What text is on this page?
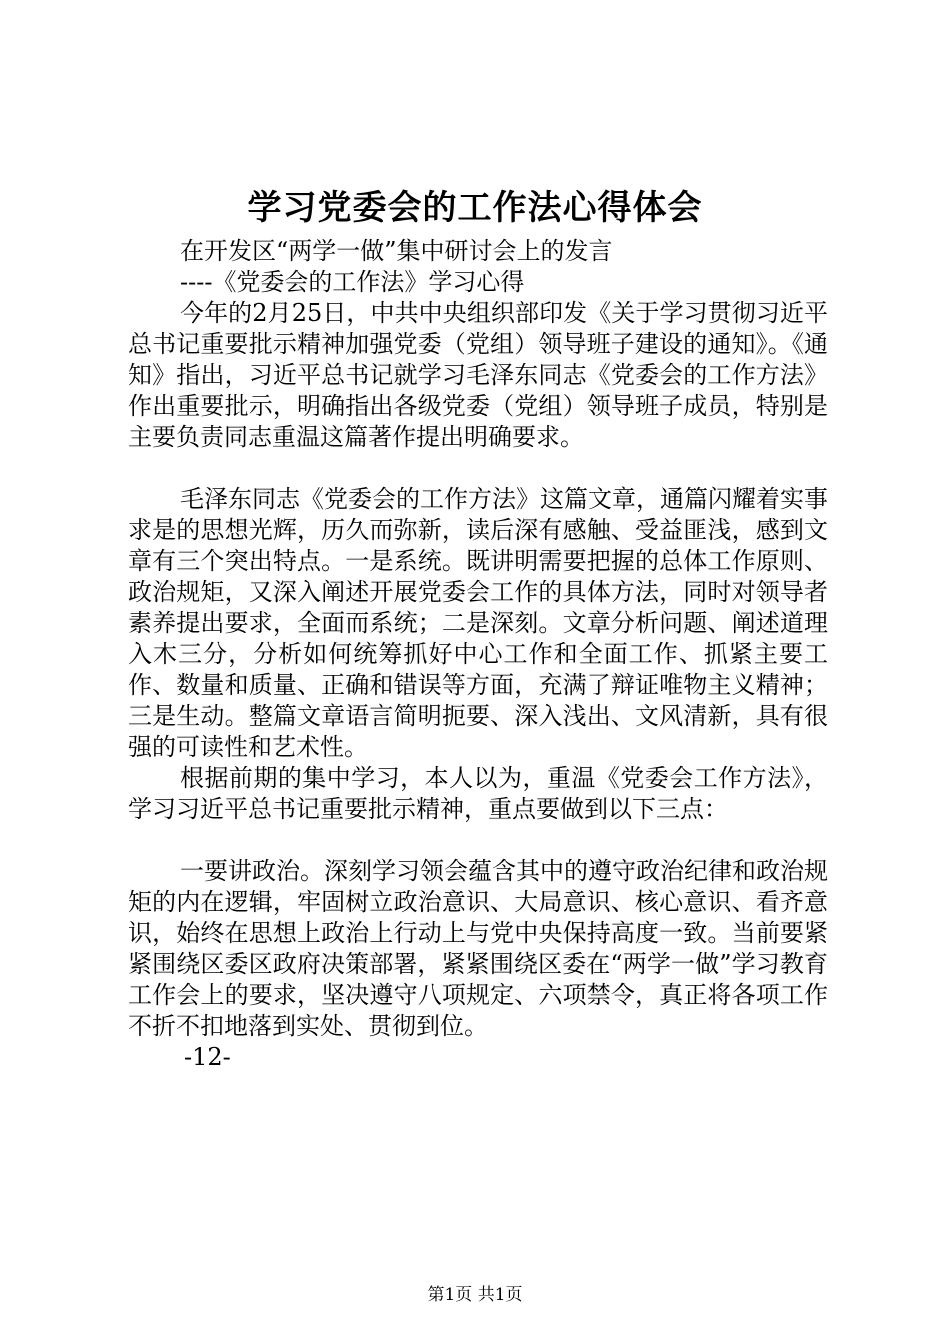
学习党委会的工作法心得体会
在开发区“两学一做”集中研讨会上的发言
----《党委会的工作法》学习心得

今年的2月25日，中共中央组织部印发《关于学习贯彻习近平总书记重要批示精神加强党委（党组）领导班子建设的通知》。《通知》指出，习近平总书记就学习毛泽东同志《党委会的工作方法》作出重要批示，明确指出各级党委（党组）领导班子成员，特别是主要负责同志重温这篇著作提出明确要求。

毛泽东同志《党委会的工作方法》这篇文章，通篇闪耀着实事求是的思想光辉，历久而弥新，读后深有感触、受益匪浅，感到文章有三个突出特点。一是系统。既讲明需要把握的总体工作原则、政治规矩，又深入阐述开展党委会工作的具体方法，同时对领导者素养提出要求，全面而系统；二是深刻。文章分析问题、阐述道理入木三分，分析如何统筹抓好中心工作和全面工作、抓紧主要工作、数量和质量、正确和错误等方面，充满了辩证唯物主义精神；三是生动。整篇文章语言简明扼要、深入浅出、文风清新，具有很强的可读性和艺术性。

根据前期的集中学习，本人以为，重温《党委会工作方法》，学习习近平总书记重要批示精神，重点要做到以下三点：

一要讲政治。深刻学习领会蕴含其中的遵守政治纪律和政治规矩的内在逻辑，牢固树立政治意识、大局意识、核心意识、看齐意识，始终在思想上政治上行动上与党中央保持高度一致。当前要紧紧围绕区委区政府决策部署，紧紧围绕区委在“两学一做”学习教育工作会上的要求，坚决遵守八项规定、六项禁令，真正将各项工作不折不扣地落到实处、贯彻到位。

-12-
第1页 共1页
